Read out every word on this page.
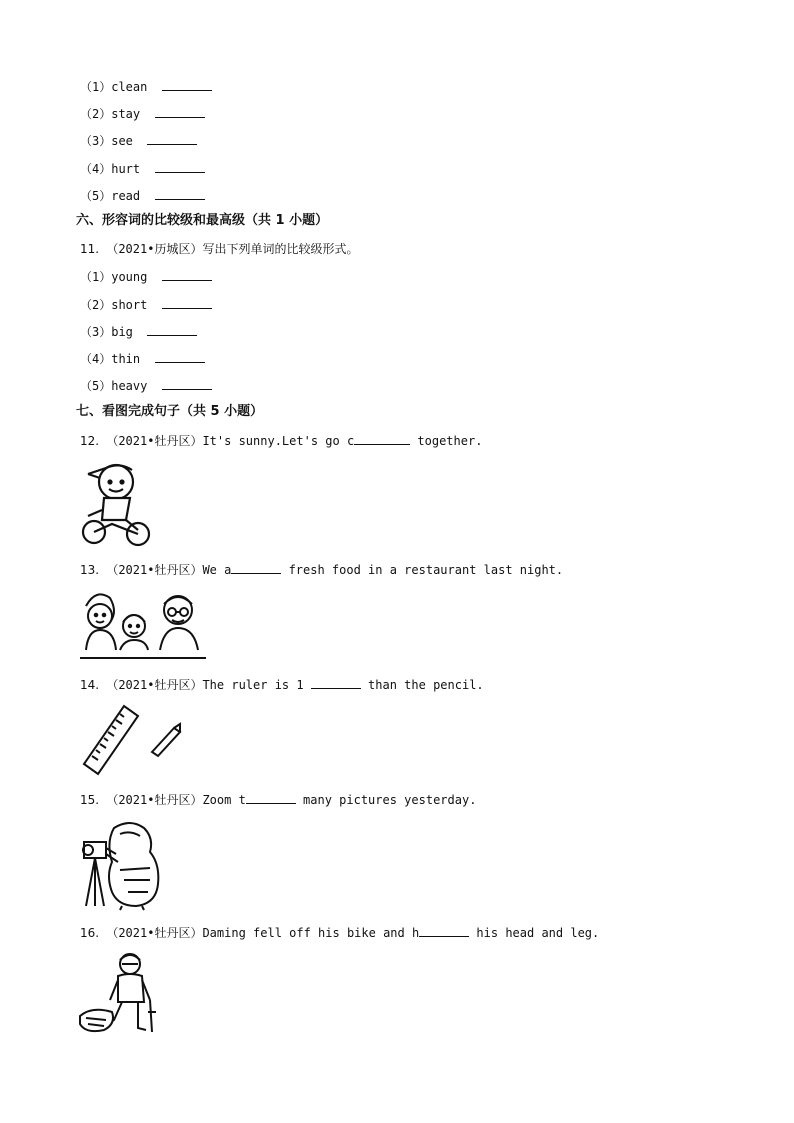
（1）clean
（2）stay
（3）see
（4）hurt
（5）read
六、形容词的比较级和最高级（共 1 小题）
11. （2021•历城区）写出下列单词的比较级形式。
（1）young
（2）short
（3）big
（4）thin
（5）heavy
七、看图完成句子（共 5 小题）
12. （2021•牡丹区）It's sunny.Let's go c	together.
13. （2021•牡丹区）We a	fresh food in a restaurant last night.
14. （2021•牡丹区）The ruler is 1	than the pencil.
15. （2021•牡丹区）Zoom t	many pictures yesterday.
16. （2021•牡丹区）Daming fell off his bike and h	his head and leg.
